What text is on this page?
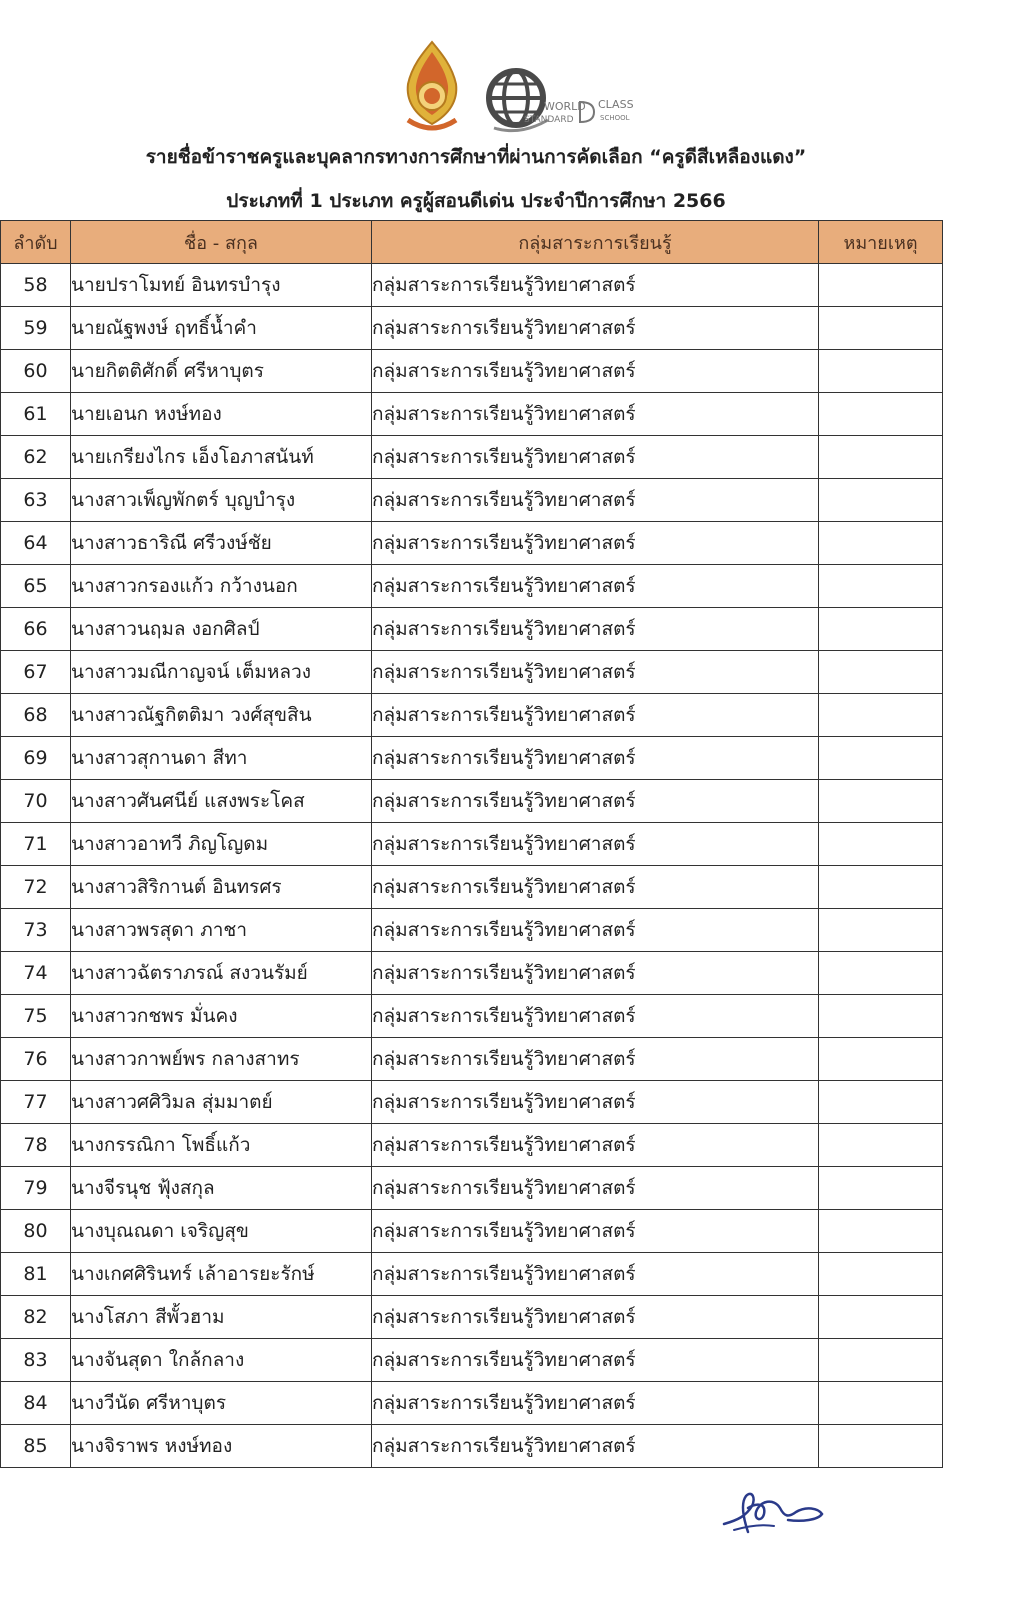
WORLD CLASS
STANDARD	SCHOOL
รายชื่อข้าราชครูและบุคลากรทางการศึกษาที่ผ่านการคัดเลือก “ครูดีสีเหลืองแดง”
ประเภทที่ 1 ประเภท ครูผู้สอนดีเด่น ประจำปีการศึกษา 2566
ลำดับ	ชื่อ - สกุล	กลุ่มสาระการเรียนรู้	หมายเหตุ
58	นายปราโมทย์ อินทรบำรุง	กลุ่มสาระการเรียนรู้วิทยาศาสตร์	
59	นายณัฐพงษ์ ฤทธิ์น้ำคำ	กลุ่มสาระการเรียนรู้วิทยาศาสตร์	
60	นายกิตติศักดิ์ ศรีหาบุตร	กลุ่มสาระการเรียนรู้วิทยาศาสตร์	
61	นายเอนก หงษ์ทอง	กลุ่มสาระการเรียนรู้วิทยาศาสตร์	
62	นายเกรียงไกร เอ็งโอภาสนันท์	กลุ่มสาระการเรียนรู้วิทยาศาสตร์	
63	นางสาวเพ็ญพักตร์ บุญบำรุง	กลุ่มสาระการเรียนรู้วิทยาศาสตร์	
64	นางสาวธาริณี ศรีวงษ์ชัย	กลุ่มสาระการเรียนรู้วิทยาศาสตร์	
65	นางสาวกรองแก้ว กว้างนอก	กลุ่มสาระการเรียนรู้วิทยาศาสตร์	
66	นางสาวนฤมล งอกศิลป์	กลุ่มสาระการเรียนรู้วิทยาศาสตร์	
67	นางสาวมณีกาญจน์ เต็มหลวง	กลุ่มสาระการเรียนรู้วิทยาศาสตร์	
68	นางสาวณัฐกิตติมา วงศ์สุขสิน	กลุ่มสาระการเรียนรู้วิทยาศาสตร์	
69	นางสาวสุกานดา สีทา	กลุ่มสาระการเรียนรู้วิทยาศาสตร์	
70	นางสาวศันศนีย์ แสงพระโคส	กลุ่มสาระการเรียนรู้วิทยาศาสตร์	
71	นางสาวอาทวี ภิญโญดม	กลุ่มสาระการเรียนรู้วิทยาศาสตร์	
72	นางสาวสิริกานต์ อินทรศร	กลุ่มสาระการเรียนรู้วิทยาศาสตร์	
73	นางสาวพรสุดา ภาชา	กลุ่มสาระการเรียนรู้วิทยาศาสตร์	
74	นางสาวฉัตราภรณ์ สงวนรัมย์	กลุ่มสาระการเรียนรู้วิทยาศาสตร์	
75	นางสาวกชพร มั่นคง	กลุ่มสาระการเรียนรู้วิทยาศาสตร์	
76	นางสาวกาพย์พร กลางสาทร	กลุ่มสาระการเรียนรู้วิทยาศาสตร์	
77	นางสาวศศิวิมล สุ่มมาตย์	กลุ่มสาระการเรียนรู้วิทยาศาสตร์	
78	นางกรรณิกา โพธิ์แก้ว	กลุ่มสาระการเรียนรู้วิทยาศาสตร์	
79	นางจีรนุช ฟุ้งสกุล	กลุ่มสาระการเรียนรู้วิทยาศาสตร์	
80	นางบุณณดา เจริญสุข	กลุ่มสาระการเรียนรู้วิทยาศาสตร์	
81	นางเกศศิรินทร์ เล้าอารยะรักษ์	กลุ่มสาระการเรียนรู้วิทยาศาสตร์	
82	นางโสภา สีพั้วฮาม	กลุ่มสาระการเรียนรู้วิทยาศาสตร์	
83	นางจันสุดา ใกล้กลาง	กลุ่มสาระการเรียนรู้วิทยาศาสตร์	
84	นางวีนัด ศรีหาบุตร	กลุ่มสาระการเรียนรู้วิทยาศาสตร์	
85	นางจิราพร หงษ์ทอง	กลุ่มสาระการเรียนรู้วิทยาศาสตร์	
